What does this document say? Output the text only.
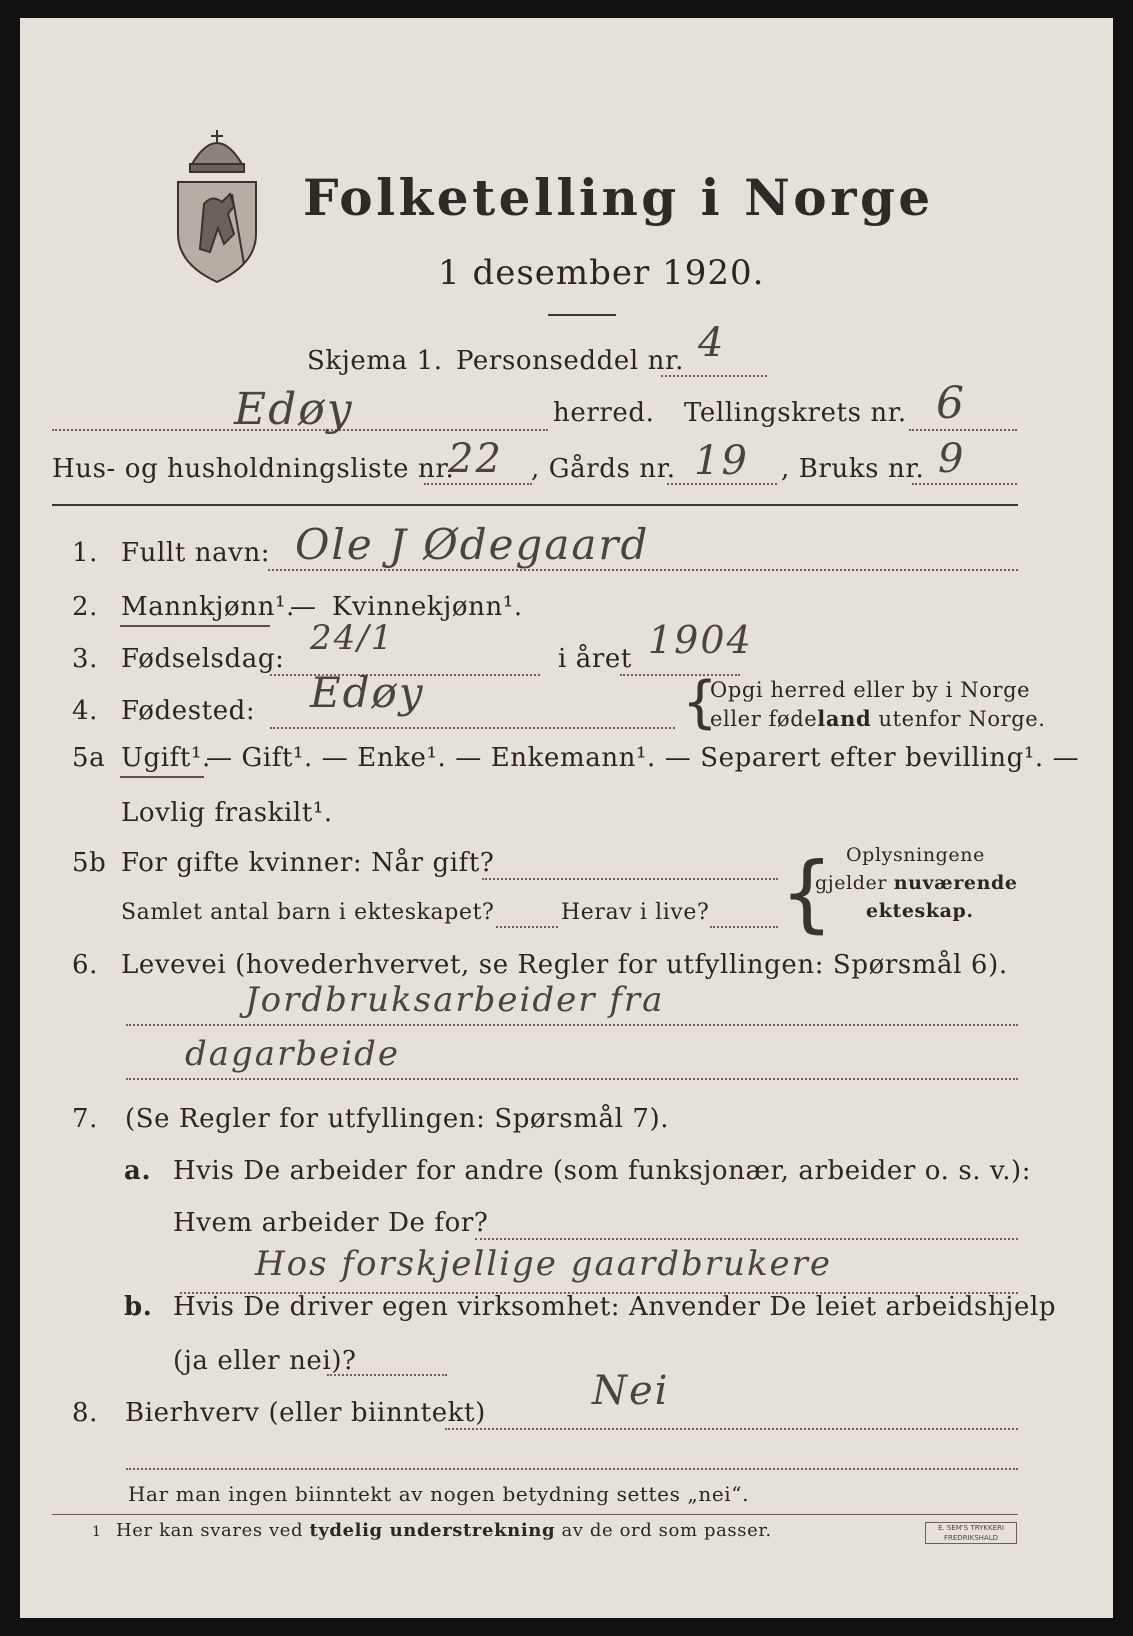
Folketelling i Norge
1 desember 1920.
Skjema 1. Personseddel nr. 4
Edøy	herred. Tellingskrets nr. 6
Hus- og husholdningsliste nr.
22 , Gårds nr. 19 , Bruks nr. 9
1. Fullt navn: Ole J Ødegaard
2. Mannkjønn¹.
— Kvinnekjønn¹.
3. Fødselsdag:
24/1
i året 1904
4. Fødested: Edøy	{
Opgi herred eller by i Norge
eller fødeland utenfor Norge.
5a Ugift¹.
— Gift¹. — Enke¹. — Enkemann¹. — Separert efter bevilling¹. —
Lovlig fraskilt¹.
5b For gifte kvinner: Når gift?
Samlet antal barn i ekteskapet?	Herav i live? { Oplysningene
gjelder nuværende
ekteskap.
6. Levevei (hovederhvervet, se Regler for utfyllingen: Spørsmål 6).
Jordbruksarbeider fra
dagarbeide
7. (Se Regler for utfyllingen: Spørsmål 7).
a. Hvis De arbeider for andre (som funksjonær, arbeider o. s. v.):
Hvem arbeider De for?
Hos forskjellige gaardbrukere
b. Hvis De driver egen virksomhet: Anvender De leiet arbeidshjelp
(ja eller nei)?
8. Bierhverv (eller biinntekt)	Nei
Har man ingen biinntekt av nogen betydning settes „nei“.
1 Her kan svares ved tydelig understrekning av de ord som passer.	E. SEM'S TRYKKERI
FREDRIKSHALD
